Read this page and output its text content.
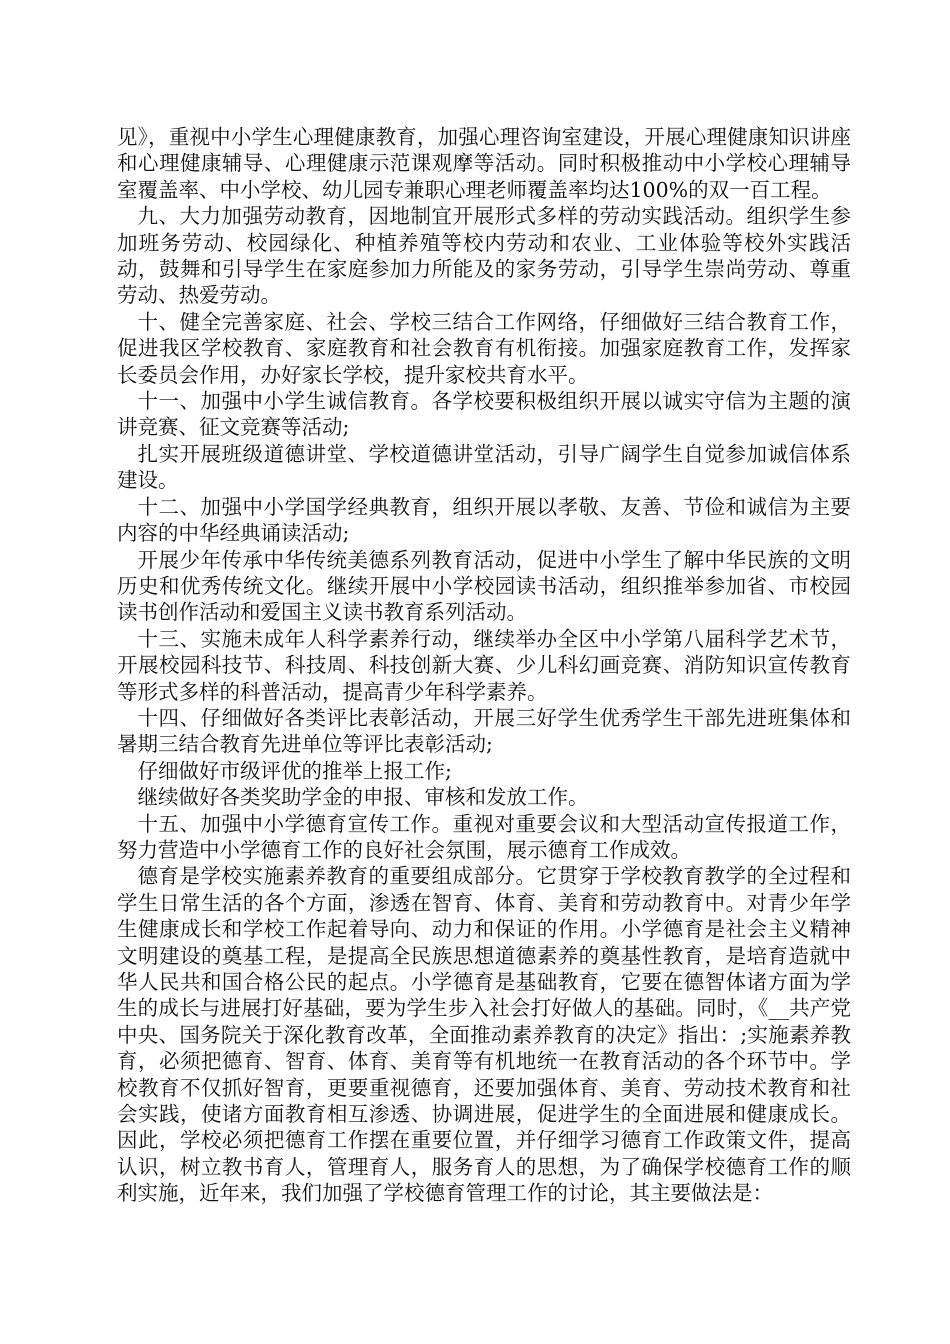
见》，重视中小学生心理健康教育，加强心理咨询室建设，开展心理健康知识讲座和心理健康辅导、心理健康示范课观摩等活动。同时积极推动中小学校心理辅导室覆盖率、中小学校、幼儿园专兼职心理老师覆盖率均达100%的双一百工程。

九、大力加强劳动教育，因地制宜开展形式多样的劳动实践活动。组织学生参加班务劳动、校园绿化、种植养殖等校内劳动和农业、工业体验等校外实践活动，鼓舞和引导学生在家庭参加力所能及的家务劳动，引导学生崇尚劳动、尊重劳动、热爱劳动。

十、健全完善家庭、社会、学校三结合工作网络，仔细做好三结合教育工作，促进我区学校教育、家庭教育和社会教育有机衔接。加强家庭教育工作，发挥家长委员会作用，办好家长学校，提升家校共育水平。

十一、加强中小学生诚信教育。各学校要积极组织开展以诚实守信为主题的演讲竞赛、征文竞赛等活动;

扎实开展班级道德讲堂、学校道德讲堂活动，引导广阔学生自觉参加诚信体系建设。

十二、加强中小学国学经典教育，组织开展以孝敬、友善、节俭和诚信为主要内容的中华经典诵读活动;

开展少年传承中华传统美德系列教育活动，促进中小学生了解中华民族的文明历史和优秀传统文化。继续开展中小学校园读书活动，组织推举参加省、市校园读书创作活动和爱国主义读书教育系列活动。

十三、实施未成年人科学素养行动，继续举办全区中小学第八届科学艺术节，开展校园科技节、科技周、科技创新大赛、少儿科幻画竞赛、消防知识宣传教育等形式多样的科普活动，提高青少年科学素养。

十四、仔细做好各类评比表彰活动，开展三好学生优秀学生干部先进班集体和暑期三结合教育先进单位等评比表彰活动;

仔细做好市级评优的推举上报工作;

继续做好各类奖助学金的申报、审核和发放工作。

十五、加强中小学德育宣传工作。重视对重要会议和大型活动宣传报道工作，努力营造中小学德育工作的良好社会氛围，展示德育工作成效。

德育是学校实施素养教育的重要组成部分。它贯穿于学校教育教学的全过程和学生日常生活的各个方面，渗透在智育、体育、美育和劳动教育中。对青少年学生健康成长和学校工作起着导向、动力和保证的作用。小学德育是社会主义精神文明建设的奠基工程，是提高全民族思想道德素养的奠基性教育，是培育造就中华人民共和国合格公民的起点。小学德育是基础教育，它要在德智体诸方面为学生的成长与进展打好基础，要为学生步入社会打好做人的基础。同时，《__共产党中央、国务院关于深化教育改革，全面推动素养教育的决定》指出：;实施素养教育，必须把德育、智育、体育、美育等有机地统一在教育活动的各个环节中。学校教育不仅抓好智育，更要重视德育，还要加强体育、美育、劳动技术教育和社会实践，使诸方面教育相互渗透、协调进展，促进学生的全面进展和健康成长。因此，学校必须把德育工作摆在重要位置，并仔细学习德育工作政策文件，提高认识，树立教书育人，管理育人，服务育人的思想，为了确保学校德育工作的顺利实施，近年来，我们加强了学校德育管理工作的讨论，其主要做法是：
